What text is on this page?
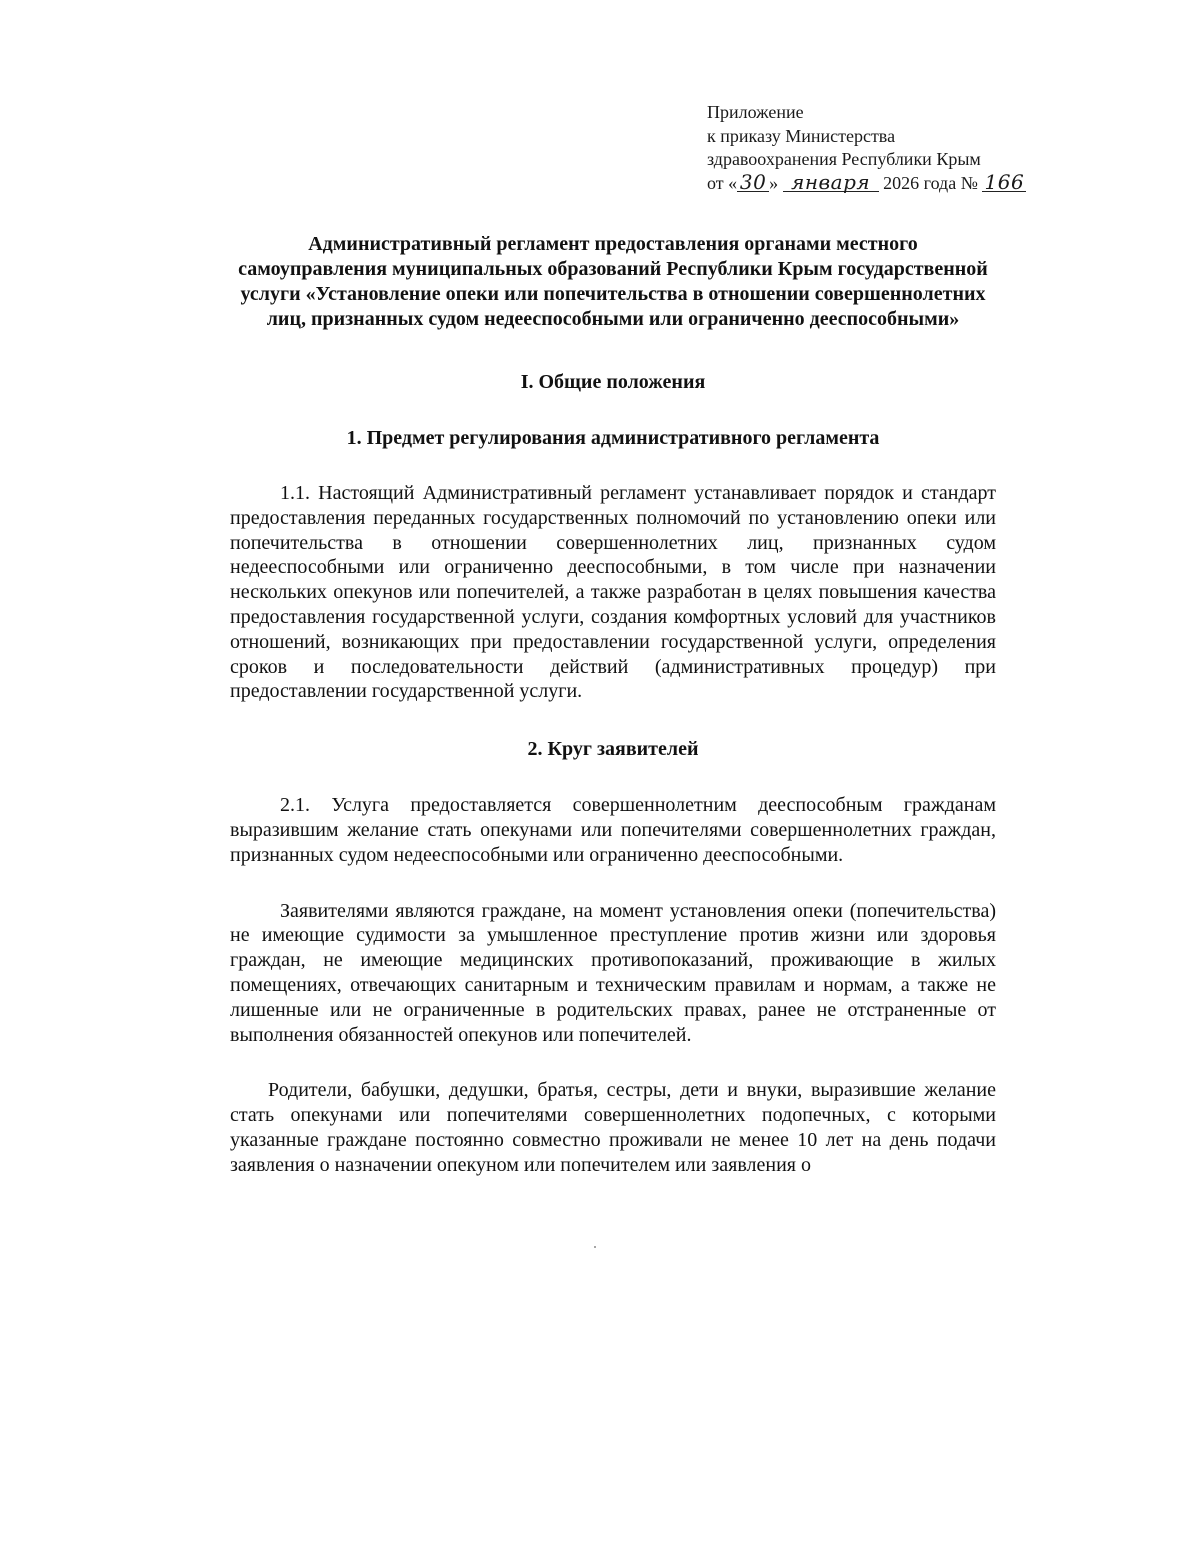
Приложение
к приказу Министерства
здравоохранения Республики Крым
от « 30 » января 2026 года № 166

Административный регламент предоставления органами местного самоуправления муниципальных образований Республики Крым государственной услуги «Установление опеки или попечительства в отношении совершеннолетних лиц, признанных судом недееспособными или ограниченно дееспособными»

I. Общие положения

1. Предмет регулирования административного регламента

1.1. Настоящий Административный регламент устанавливает порядок и стандарт предоставления переданных государственных полномочий по установлению опеки или попечительства в отношении совершеннолетних лиц, признанных судом недееспособными или ограниченно дееспособными, в том числе при назначении нескольких опекунов или попечителей, а также разработан в целях повышения качества предоставления государственной услуги, создания комфортных условий для участников отношений, возникающих при предоставлении государственной услуги, определения сроков и последовательности действий (административных процедур) при предоставлении государственной услуги.

2. Круг заявителей

2.1. Услуга предоставляется совершеннолетним дееспособным гражданам выразившим желание стать опекунами или попечителями совершеннолетних граждан, признанных судом недееспособными или ограниченно дееспособными.

Заявителями являются граждане, на момент установления опеки (попечительства) не имеющие судимости за умышленное преступление против жизни или здоровья граждан, не имеющие медицинских противопоказаний, проживающие в жилых помещениях, отвечающих санитарным и техническим правилам и нормам, а также не лишенные или не ограниченные в родительских правах, ранее не отстраненные от выполнения обязанностей опекунов или попечителей.

Родители, бабушки, дедушки, братья, сестры, дети и внуки, выразившие желание стать опекунами или попечителями совершеннолетних подопечных, с которыми указанные граждане постоянно совместно проживали не менее 10 лет на день подачи заявления о назначении опекуном или попечителем или заявления о
